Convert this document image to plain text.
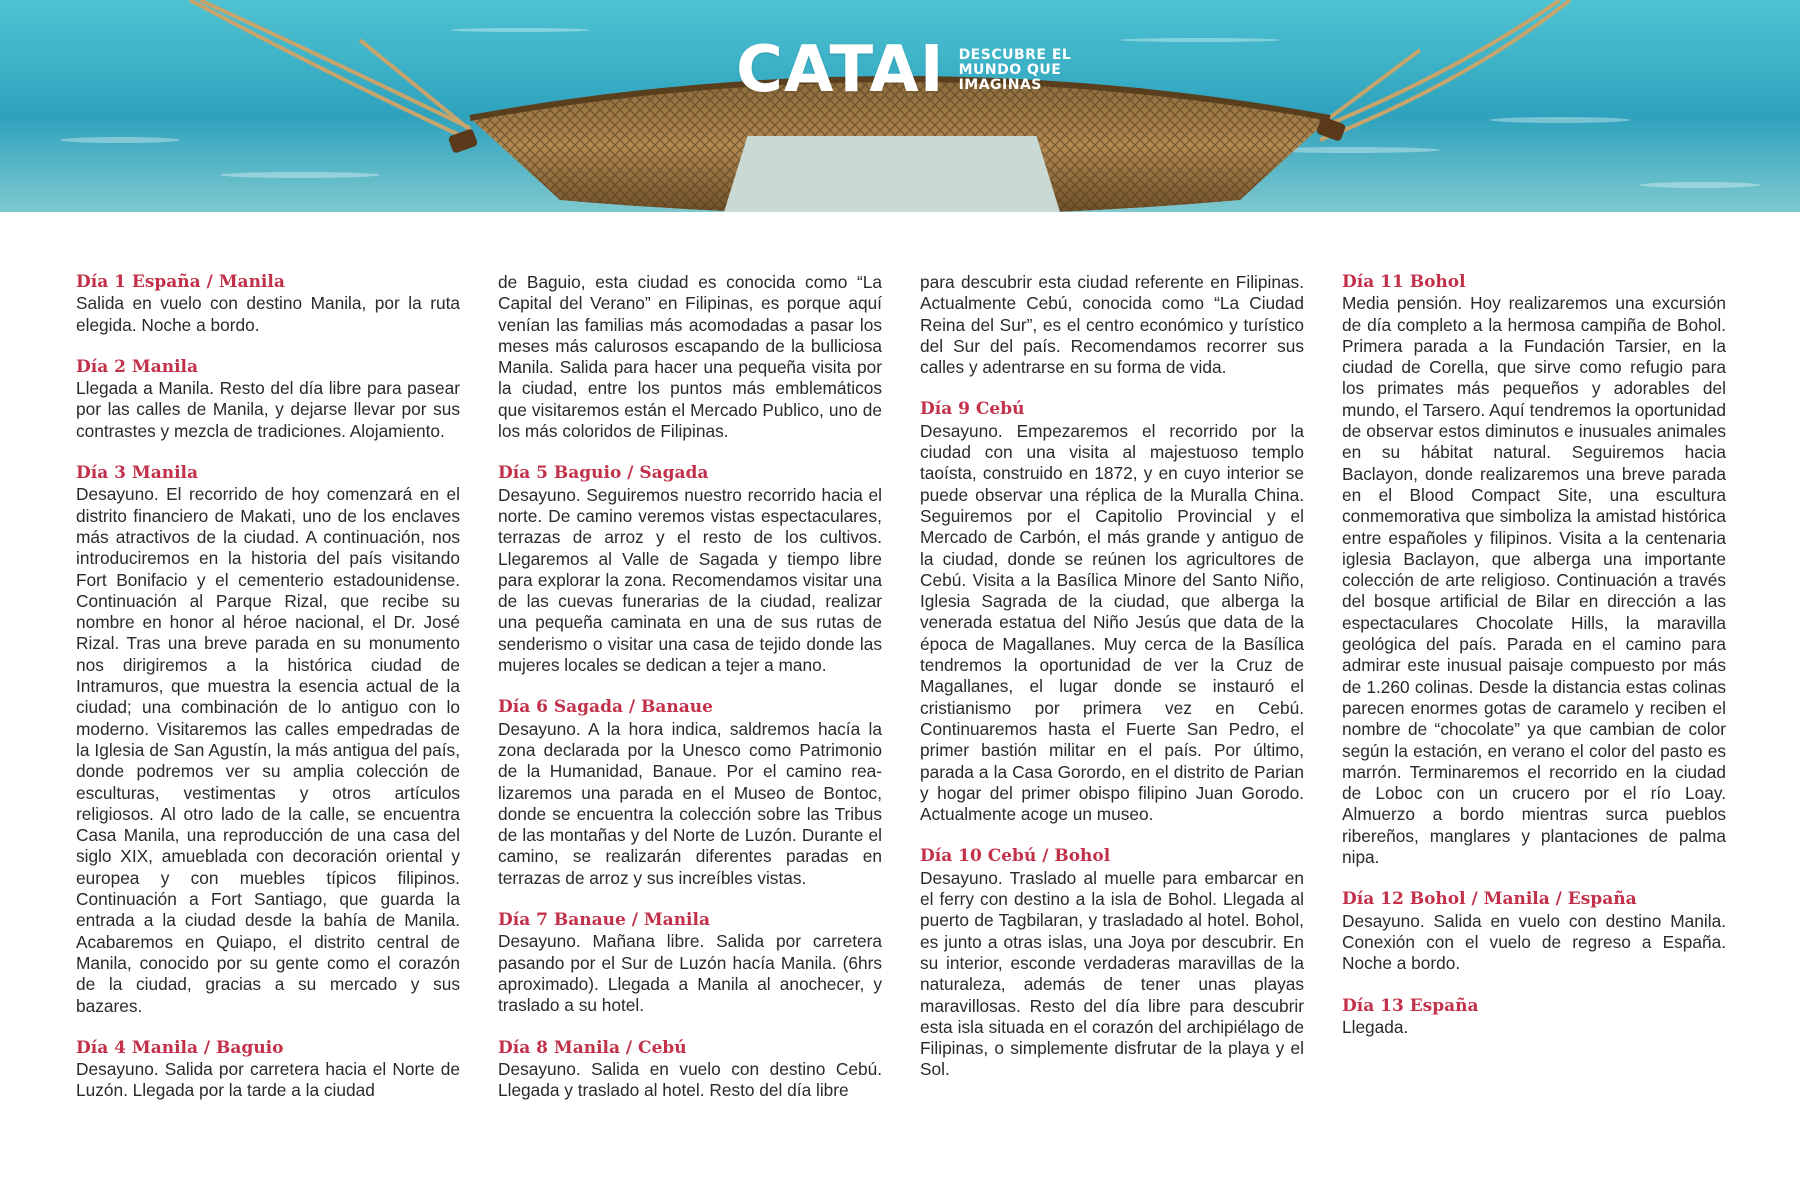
CATAI DESCUBRE EL
MUNDO QUE
IMAGINAS
Día 1 España / Manila

Salida en vuelo con destino Manila, por la ruta elegida. Noche a bordo.

Día 2 Manila

Llegada a Manila. Resto del día libre para pasear por las calles de Manila, y dejarse llevar por sus contrastes y mezcla de tradiciones. Alojamiento.

Día 3 Manila

Desayuno. El recorrido de hoy comenzará en el distrito financiero de Makati, uno de los enclaves más atractivos de la ciudad. A continuación, nos introduciremos en la historia del país visitando Fort Bonifacio y el cementerio estadounidense. Continuación al Parque Rizal, que recibe su nombre en honor al héroe nacional, el Dr. José Rizal. Tras una breve parada en su monumento nos dirigiremos a la histórica ciudad de Intramuros, que muestra la esencia actual de la ciudad; una combinación de lo antiguo con lo moderno. Visitaremos las calles empedradas de la Iglesia de San Agustín, la más antigua del país, donde podremos ver su amplia colección de esculturas, vestimentas y otros artículos religiosos. Al otro lado de la calle, se encuentra Casa Manila, una reproducción de una casa del siglo XIX, amueblada con decoración oriental y europea y con muebles típicos filipinos. Continuación a Fort Santiago, que guarda la entrada a la ciudad desde la bahía de Manila. Acabaremos en Quiapo, el distrito central de Manila, conocido por su gente como el corazón de la ciudad, gracias a su mercado y sus bazares.

Día 4 Manila / Baguio

Desayuno. Salida por carretera hacia el Norte de Luzón. Llegada por la tarde a la ciudad

de Baguio, esta ciudad es conocida como “La Capital del Verano” en Filipinas, es porque aquí venían las familias más acomodadas a pasar los meses más calurosos escapando de la bulliciosa Manila. Salida para hacer una pequeña visita por la ciudad, entre los puntos más emblemáticos que visitaremos están el Mercado Publico, uno de los más coloridos de Filipinas.

Día 5 Baguio / Sagada

Desayuno. Seguiremos nuestro recorrido hacia el norte. De camino veremos vistas espectaculares, terrazas de arroz y el resto de los cultivos. Llegaremos al Valle de Sagada y tiempo libre para explorar la zona. Recomendamos visitar una de las cuevas funerarias de la ciudad, realizar una pequeña caminata en una de sus rutas de senderismo o visitar una casa de tejido donde las mujeres locales se dedican a tejer a mano.

Día 6 Sagada / Banaue

Desayuno. A la hora indica, saldremos hacía la zona declarada por la Unesco como Patrimonio de la Humanidad, Banaue. Por el camino realizaremos una parada en el Museo de Bontoc, donde se encuentra la colección sobre las Tribus de las montañas y del Norte de Luzón. Durante el camino, se realizarán diferentes paradas en terrazas de arroz y sus increíbles vistas.

Día 7 Banaue / Manila

Desayuno. Mañana libre. Salida por carretera pasando por el Sur de Luzón hacía Manila. (6hrs aproximado). Llegada a Manila al anochecer, y traslado a su hotel.

Día 8 Manila / Cebú

Desayuno. Salida en vuelo con destino Cebú. Llegada y traslado al hotel. Resto del día libre

para descubrir esta ciudad referente en Filipinas. Actualmente Cebú, conocida como “La Ciudad Reina del Sur”, es el centro económico y turístico del Sur del país. Recomendamos recorrer sus calles y adentrarse en su forma de vida.

Día 9 Cebú

Desayuno. Empezaremos el recorrido por la ciudad con una visita al majestuoso templo taoísta, construido en 1872, y en cuyo interior se puede observar una réplica de la Muralla China. Seguiremos por el Capitolio Provincial y el Mercado de Carbón, el más grande y antiguo de la ciudad, donde se reúnen los agricultores de Cebú. Visita a la Basílica Minore del Santo Niño, Iglesia Sagrada de la ciudad, que alberga la venerada estatua del Niño Jesús que data de la época de Magallanes. Muy cerca de la Basílica tendremos la oportunidad de ver la Cruz de Magallanes, el lugar donde se instauró el cristianismo por primera vez en Cebú. Continuaremos hasta el Fuerte San Pedro, el primer bastión militar en el país. Por último, parada a la Casa Gorordo, en el distrito de Parian y hogar del primer obispo filipino Juan Gorodo. Actualmente acoge un museo.

Día 10 Cebú / Bohol

Desayuno. Traslado al muelle para embarcar en el ferry con destino a la isla de Bohol. Llegada al puerto de Tagbilaran, y trasladado al hotel. Bohol, es junto a otras islas, una Joya por descubrir. En su interior, esconde verdaderas maravillas de la naturaleza, además de tener unas playas maravillosas. Resto del día libre para descubrir esta isla situada en el corazón del archipiélago de Filipinas, o simplemente disfrutar de la playa y el Sol.

Día 11 Bohol

Media pensión. Hoy realizaremos una excursión de día completo a la hermosa campiña de Bohol. Primera parada a la Fundación Tarsier, en la ciudad de Corella, que sirve como refugio para los primates más pequeños y adorables del mundo, el Tarsero. Aquí tendremos la oportunidad de observar estos diminutos e inusuales animales en su hábitat natural. Seguiremos hacia Baclayon, donde realizaremos una breve parada en el Blood Compact Site, una escultura conmemorativa que simboliza la amistad histórica entre españoles y filipinos. Visita a la centenaria iglesia Baclayon, que alberga una importante colección de arte religioso. Continuación a través del bosque artificial de Bilar en dirección a las espectaculares Chocolate Hills, la maravilla geológica del país. Parada en el camino para admirar este inusual paisaje compuesto por más de 1.260 colinas. Desde la distancia estas colinas parecen enormes gotas de caramelo y reciben el nombre de “chocolate” ya que cambian de color según la estación, en verano el color del pasto es marrón. Terminaremos el recorrido en la ciudad de Loboc con un crucero por el río Loay. Almuerzo a bordo mientras surca pueblos ribereños, manglares y plantaciones de palma nipa.

Día 12 Bohol / Manila / España

Desayuno. Salida en vuelo con destino Manila. Conexión con el vuelo de regreso a España. Noche a bordo.

Día 13 España

Llegada.
